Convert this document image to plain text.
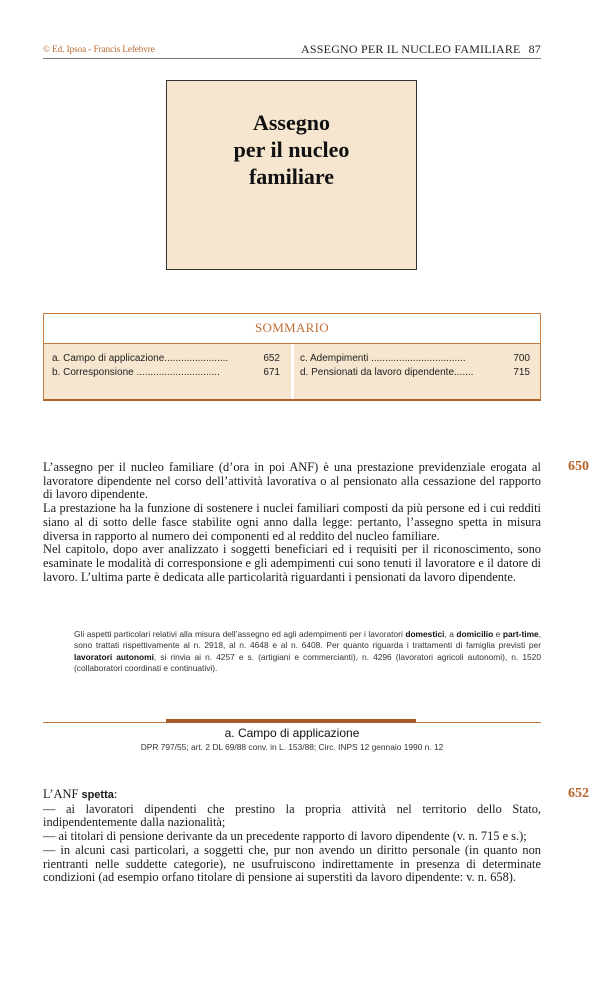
© Ed. Ipsoa - Francis Lefebvre	ASSEGNO PER IL NUCLEO FAMILIARE 87
Assegno
per il nucleo
familiare
SOMMARIO
a. Campo di applicazione.......................	652
b. Corresponsione ..............................	671
c. Adempimenti ..................................	700
d. Pensionati da lavoro dipendente.......	715
650

L’assegno per il nucleo familiare (d’ora in poi ANF) è una prestazione previdenziale erogata al lavoratore dipendente nel corso dell’attività lavorativa o al pensionato alla cessazione del rapporto di lavoro dipendente.

La prestazione ha la funzione di sostenere i nuclei familiari composti da più persone ed i cui redditi siano al di sotto delle fasce stabilite ogni anno dalla legge: pertanto, l’assegno spetta in misura diversa in rapporto al numero dei componenti ed al reddito del nucleo familiare.

Nel capitolo, dopo aver analizzato i soggetti beneficiari ed i requisiti per il riconoscimento, sono esaminate le modalità di corresponsione e gli adempimenti cui sono tenuti il lavoratore e il datore di lavoro. L’ultima parte è dedicata alle particolarità riguardanti i pensionati da lavoro dipendente.

Gli aspetti particolari relativi alla misura dell’assegno ed agli adempimenti per i lavoratori domestici, a domicilio e part-time, sono trattati rispettivamente al n. 2918, al n. 4648 e al n. 6408. Per quanto riguarda i trattamenti di famiglia previsti per lavoratori autonomi, si rinvia ai n. 4257 e s. (artigiani e commercianti), n. 4296 (lavoratori agricoli autonomi), n. 1520 (collaboratori coordinati e continuativi).
a. Campo di applicazione
DPR 797/55; art. 2 DL 69/88 conv. in L. 153/88; Circ. INPS 12 gennaio 1990 n. 12
652

L’ANF spetta:

— ai lavoratori dipendenti che prestino la propria attività nel territorio dello Stato, indipendentemente dalla nazionalità;

— ai titolari di pensione derivante da un precedente rapporto di lavoro dipendente (v. n. 715 e s.);

— in alcuni casi particolari, a soggetti che, pur non avendo un diritto personale (in quanto non rientranti nelle suddette categorie), ne usufruiscono indirettamente in presenza di determinate condizioni (ad esempio orfano titolare di pensione ai superstiti da lavoro dipendente: v. n. 658).
